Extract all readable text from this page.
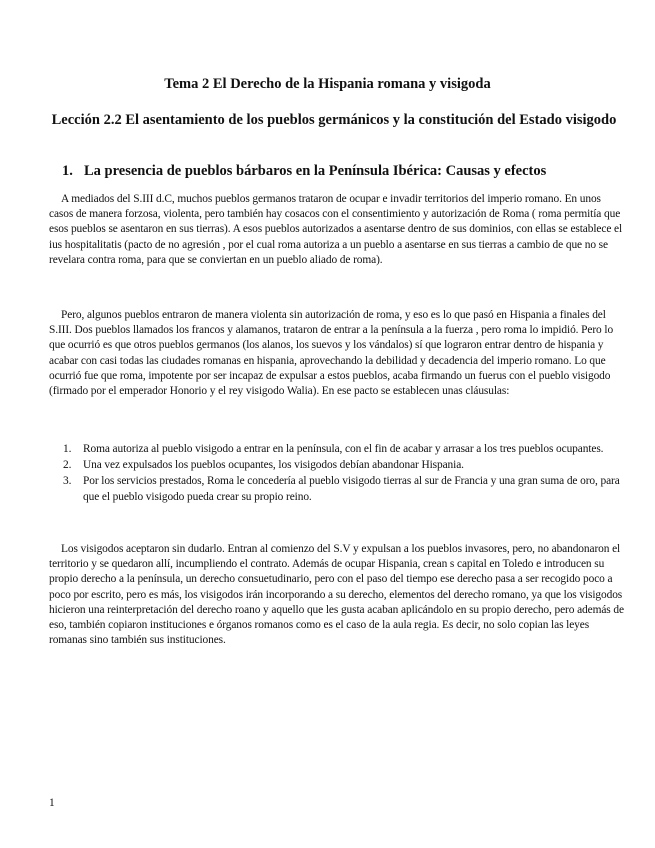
Tema 2 El Derecho de la Hispania romana y visigoda
Lección 2.2 El asentamiento de los pueblos germánicos y la constitución del Estado visigodo
1. La presencia de pueblos bárbaros en la Península Ibérica: Causas y efectos

A mediados del S.III d.C, muchos pueblos germanos trataron de ocupar e invadir territorios del imperio romano. En unos casos de manera forzosa, violenta, pero también hay cosacos con el consentimiento y autorización de Roma ( roma permitía que esos pueblos se asentaron en sus tierras). A esos pueblos autorizados a asentarse dentro de sus dominios, con ellas se establece el ius hospitalitatis (pacto de no agresión , por el cual roma autoriza a un pueblo a asentarse en sus tierras a cambio de que no se revelara contra roma, para que se conviertan en un pueblo aliado de roma).

Pero, algunos pueblos entraron de manera violenta sin autorización de roma, y eso es lo que pasó en Hispania a finales del S.III. Dos pueblos llamados los francos y alamanos, trataron de entrar a la península a la fuerza , pero roma lo impidió. Pero lo que ocurrió es que otros pueblos germanos (los alanos, los suevos y los vándalos) sí que lograron entrar dentro de hispania y acabar con casi todas las ciudades romanas en hispania, aprovechando la debilidad y decadencia del imperio romano. Lo que ocurrió fue que roma, impotente por ser incapaz de expulsar a estos pueblos, acaba firmando un fuerus con el pueblo visigodo (firmado por el emperador Honorio y el rey visigodo Walia). En ese pacto se establecen unas cláusulas:

1. Roma autoriza al pueblo visigodo a entrar en la península, con el fin de acabar y arrasar a los tres pueblos ocupantes.
2. Una vez expulsados los pueblos ocupantes, los visigodos debían abandonar Hispania.
3. Por los servicios prestados, Roma le concedería al pueblo visigodo tierras al sur de Francia y una gran suma de oro, para que el pueblo visigodo pueda crear su propio reino.

Los visigodos aceptaron sin dudarlo. Entran al comienzo del S.V y expulsan a los pueblos invasores, pero, no abandonaron el territorio y se quedaron allí, incumpliendo el contrato. Además de ocupar Hispania, crean s capital en Toledo e introducen su propio derecho a la península, un derecho consuetudinario, pero con el paso del tiempo ese derecho pasa a ser recogido poco a poco por escrito, pero es más, los visigodos irán incorporando a su derecho, elementos del derecho romano, ya que los visigodos hicieron una reinterpretación del derecho roano y aquello que les gusta acaban aplicándolo en su propio derecho, pero además de eso, también copiaron instituciones e órganos romanos como es el caso de la aula regia. Es decir, no solo copian las leyes romanas sino también sus instituciones.

1
